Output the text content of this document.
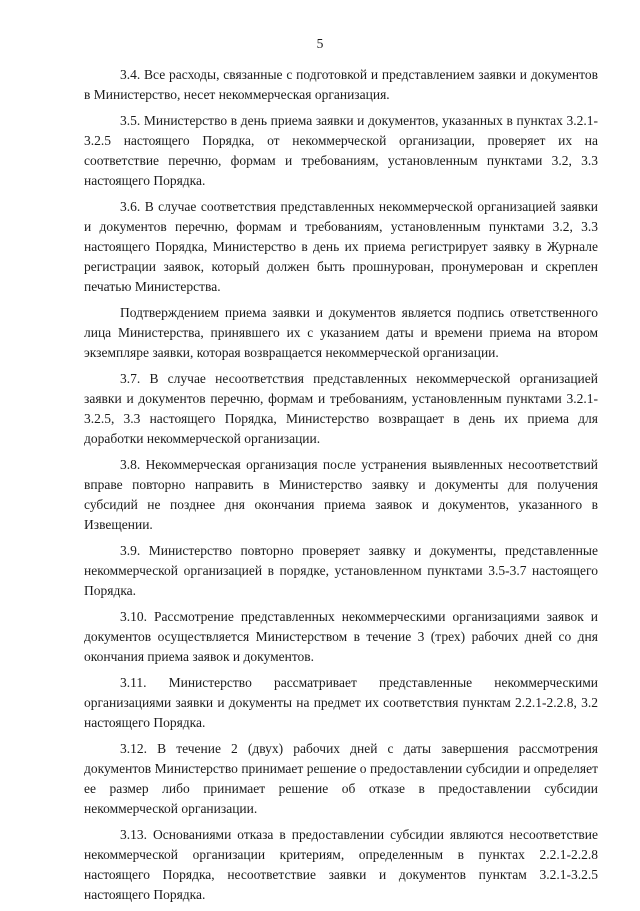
5

3.4. Все расходы, связанные с подготовкой и представлением заявки и документов в Министерство, несет некоммерческая организация.

3.5. Министерство в день приема заявки и документов, указанных в пунктах 3.2.1-3.2.5 настоящего Порядка, от некоммерческой организации, проверяет их на соответствие перечню, формам и требованиям, установленным пунктами 3.2, 3.3 настоящего Порядка.

3.6. В случае соответствия представленных некоммерческой организацией заявки и документов перечню, формам и требованиям, установленным пунктами 3.2, 3.3 настоящего Порядка, Министерство в день их приема регистрирует заявку в Журнале регистрации заявок, который должен быть прошнурован, пронумерован и скреплен печатью Министерства.

Подтверждением приема заявки и документов является подпись ответственного лица Министерства, принявшего их с указанием даты и времени приема на втором экземпляре заявки, которая возвращается некоммерческой организации.

3.7. В случае несоответствия представленных некоммерческой организацией заявки и документов перечню, формам и требованиям, установленным пунктами 3.2.1-3.2.5, 3.3 настоящего Порядка, Министерство возвращает в день их приема для доработки некоммерческой организации.

3.8. Некоммерческая организация после устранения выявленных несоответствий вправе повторно направить в Министерство заявку и документы для получения субсидий не позднее дня окончания приема заявок и документов, указанного в Извещении.

3.9. Министерство повторно проверяет заявку и документы, представленные некоммерческой организацией в порядке, установленном пунктами 3.5-3.7 настоящего Порядка.

3.10. Рассмотрение представленных некоммерческими организациями заявок и документов осуществляется Министерством в течение 3 (трех) рабочих дней со дня окончания приема заявок и документов.

3.11. Министерство рассматривает представленные некоммерческими организациями заявки и документы на предмет их соответствия пунктам 2.2.1-2.2.8, 3.2 настоящего Порядка.

3.12. В течение 2 (двух) рабочих дней с даты завершения рассмотрения документов Министерство принимает решение о предоставлении субсидии и определяет ее размер либо принимает решение об отказе в предоставлении субсидии некоммерческой организации.

3.13. Основаниями отказа в предоставлении субсидии являются несоответствие некоммерческой организации критериям, определенным в пунктах 2.2.1-2.2.8 настоящего Порядка, несоответствие заявки и документов пунктам 3.2.1-3.2.5 настоящего Порядка.
